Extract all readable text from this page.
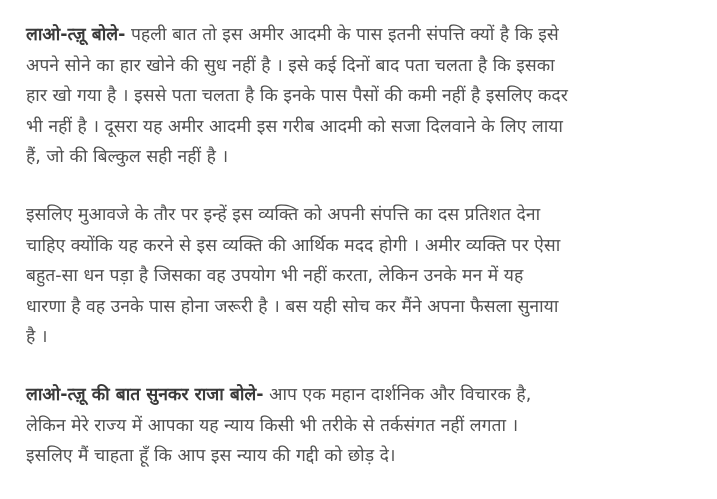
लाओ-त्ज़ू बोले- पहली बात तो इस अमीर आदमी के पास इतनी संपत्ति क्यों है कि इसे
अपने सोने का हार खोने की सुध नहीं है । इसे कई दिनों बाद पता चलता है कि इसका
हार खो गया है । इससे पता चलता है कि इनके पास पैसों की कमी नहीं है इसलिए कदर
भी नहीं है । दूसरा यह अमीर आदमी इस गरीब आदमी को सजा दिलवाने के लिए लाया
हैं, जो की बिल्कुल सही नहीं है ।

इसलिए मुआवजे के तौर पर इन्हें इस व्यक्ति को अपनी संपत्ति का दस प्रतिशत देना
चाहिए क्योंकि यह करने से इस व्यक्ति की आर्थिक मदद होगी । अमीर व्यक्ति पर ऐसा
बहुत-सा धन पड़ा है जिसका वह उपयोग भी नहीं करता, लेकिन उनके मन में यह
धारणा है वह उनके पास होना जरूरी है । बस यही सोच कर मैंने अपना फैसला सुनाया
है ।

लाओ-त्ज़ू की बात सुनकर राजा बोले- आप एक महान दार्शनिक और विचारक है,
लेकिन मेरे राज्य में आपका यह न्याय किसी भी तरीके से तर्कसंगत नहीं लगता ।
इसलिए मैं चाहता हूँ कि आप इस न्याय की गद्दी को छोड़ दे।
